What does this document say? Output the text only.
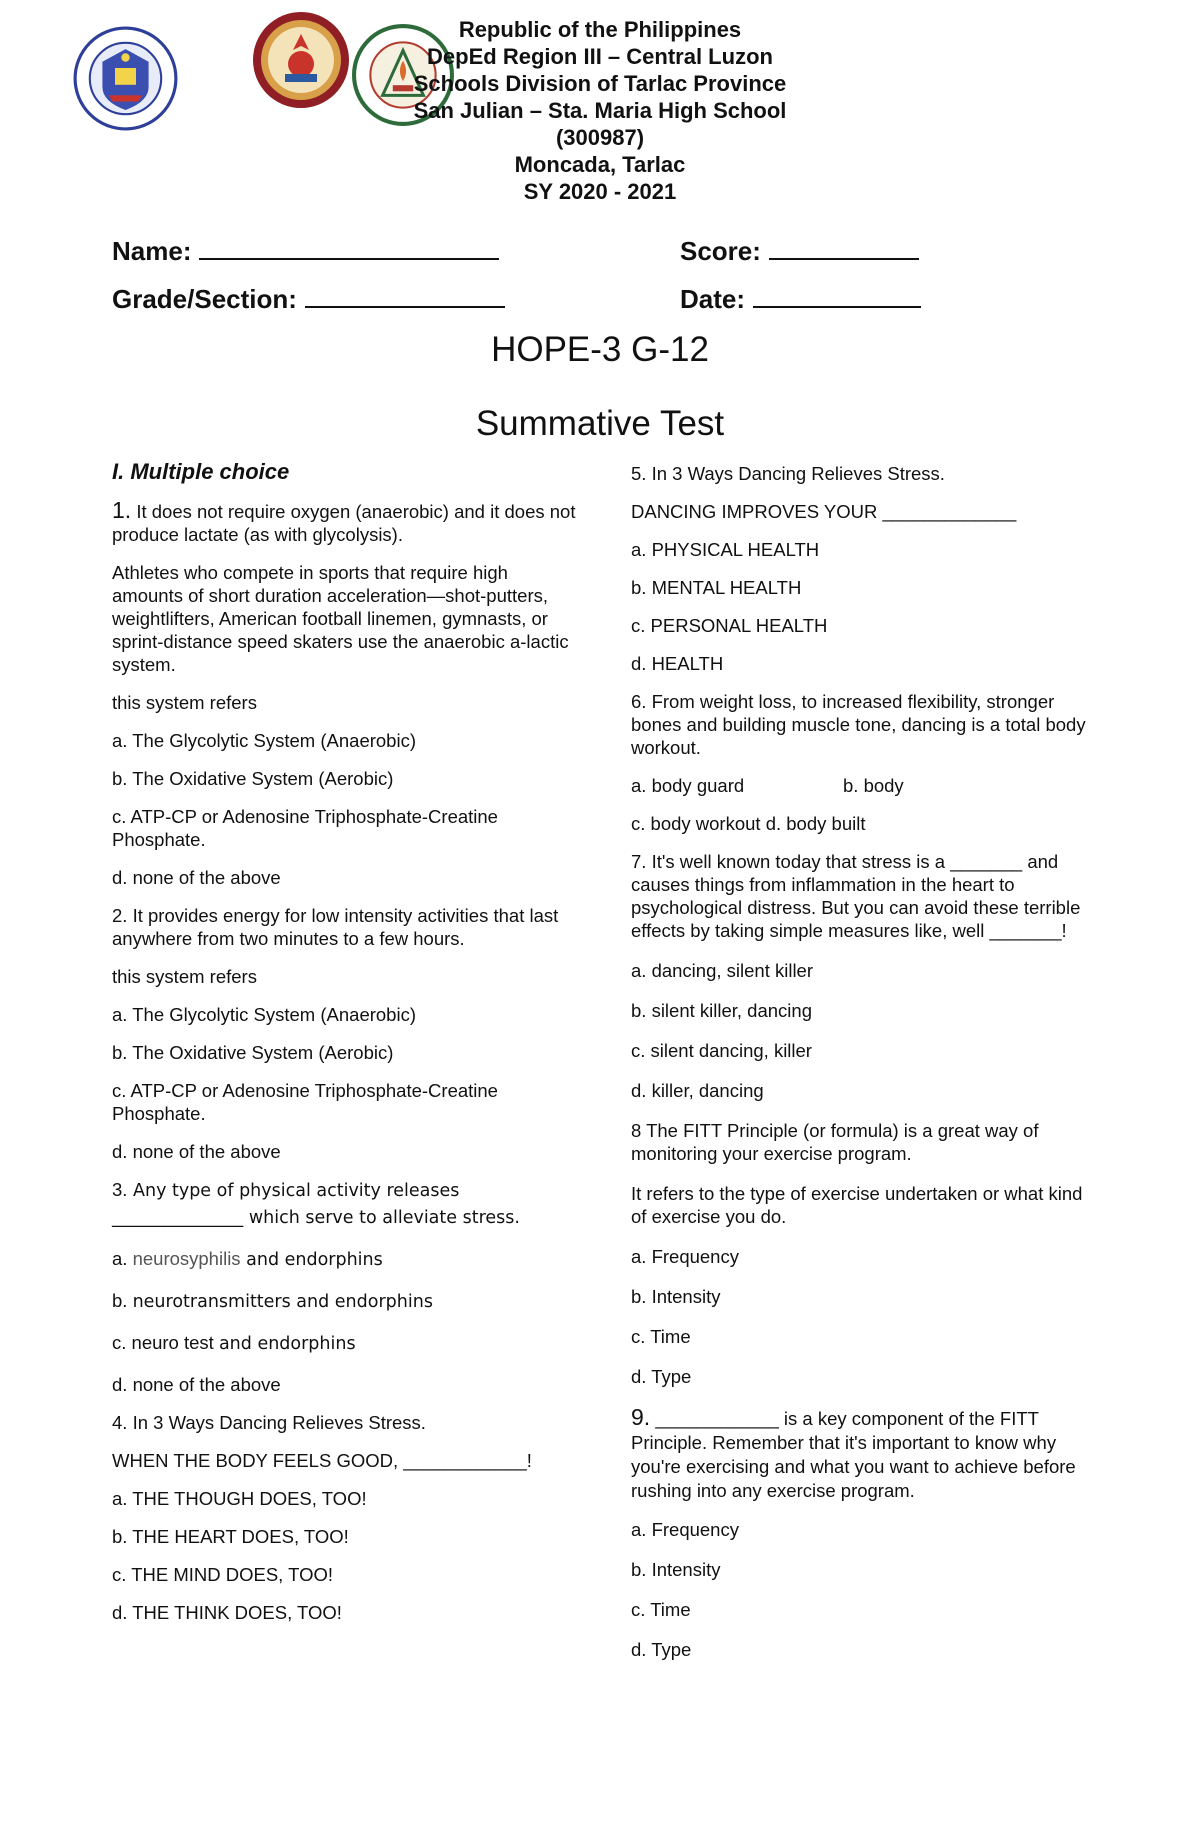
Republic of the Philippines
DepEd Region III – Central Luzon
Schools Division of Tarlac Province
San Julian – Sta. Maria High School
(300987)
Moncada, Tarlac
SY 2020 - 2021
Name:	Score:
Grade/Section:	Date:
HOPE-3 G-12
Summative Test
I. Multiple choice

1. It does not require oxygen (anaerobic) and it does not produce lactate (as with glycolysis).

Athletes who compete in sports that require high amounts of short duration acceleration—shot-putters, weightlifters, American football linemen, gymnasts, or sprint-distance speed skaters use the anaerobic a-lactic system.

this system refers

a. The Glycolytic System (Anaerobic)

b. The Oxidative System (Aerobic)

c. ATP-CP or Adenosine Triphosphate-Creatine Phosphate.

d. none of the above

2. It provides energy for low intensity activities that last anywhere from two minutes to a few hours.

this system refers

a. The Glycolytic System (Anaerobic)

b. The Oxidative System (Aerobic)

c. ATP-CP or Adenosine Triphosphate-Creatine Phosphate.

d. none of the above

3. Any type of physical activity releases _______________ which serve to alleviate stress.

a. neurosyphilis and endorphins

b. neurotransmitters and endorphins

c. neuro test and endorphins

d. none of the above

4. In 3 Ways Dancing Relieves Stress.

WHEN THE BODY FEELS GOOD, ____________!

a. THE THOUGH DOES, TOO!

b. THE HEART DOES, TOO!

c. THE MIND DOES, TOO!

d. THE THINK DOES, TOO!

5. In 3 Ways Dancing Relieves Stress.

DANCING IMPROVES YOUR _____________

a. PHYSICAL HEALTH

b. MENTAL HEALTH

c. PERSONAL HEALTH

d. HEALTH

6. From weight loss, to increased flexibility, stronger bones and building muscle tone, dancing is a total body workout.

a. body guard	b. body

c. body workout d. body built

7. It's well known today that stress is a _______ and causes things from inflammation in the heart to psychological distress. But you can avoid these terrible effects by taking simple measures like, well _______!

a. dancing, silent killer

b. silent killer, dancing

c. silent dancing, killer

d. killer, dancing

8 The FITT Principle (or formula) is a great way of monitoring your exercise program.

It refers to the type of exercise undertaken or what kind of exercise you do.

a. Frequency

b. Intensity

c. Time

d. Type

9. ____________ is a key component of the FITT Principle. Remember that it's important to know why you're exercising and what you want to achieve before rushing into any exercise program.

a. Frequency

b. Intensity

c. Time

d. Type
